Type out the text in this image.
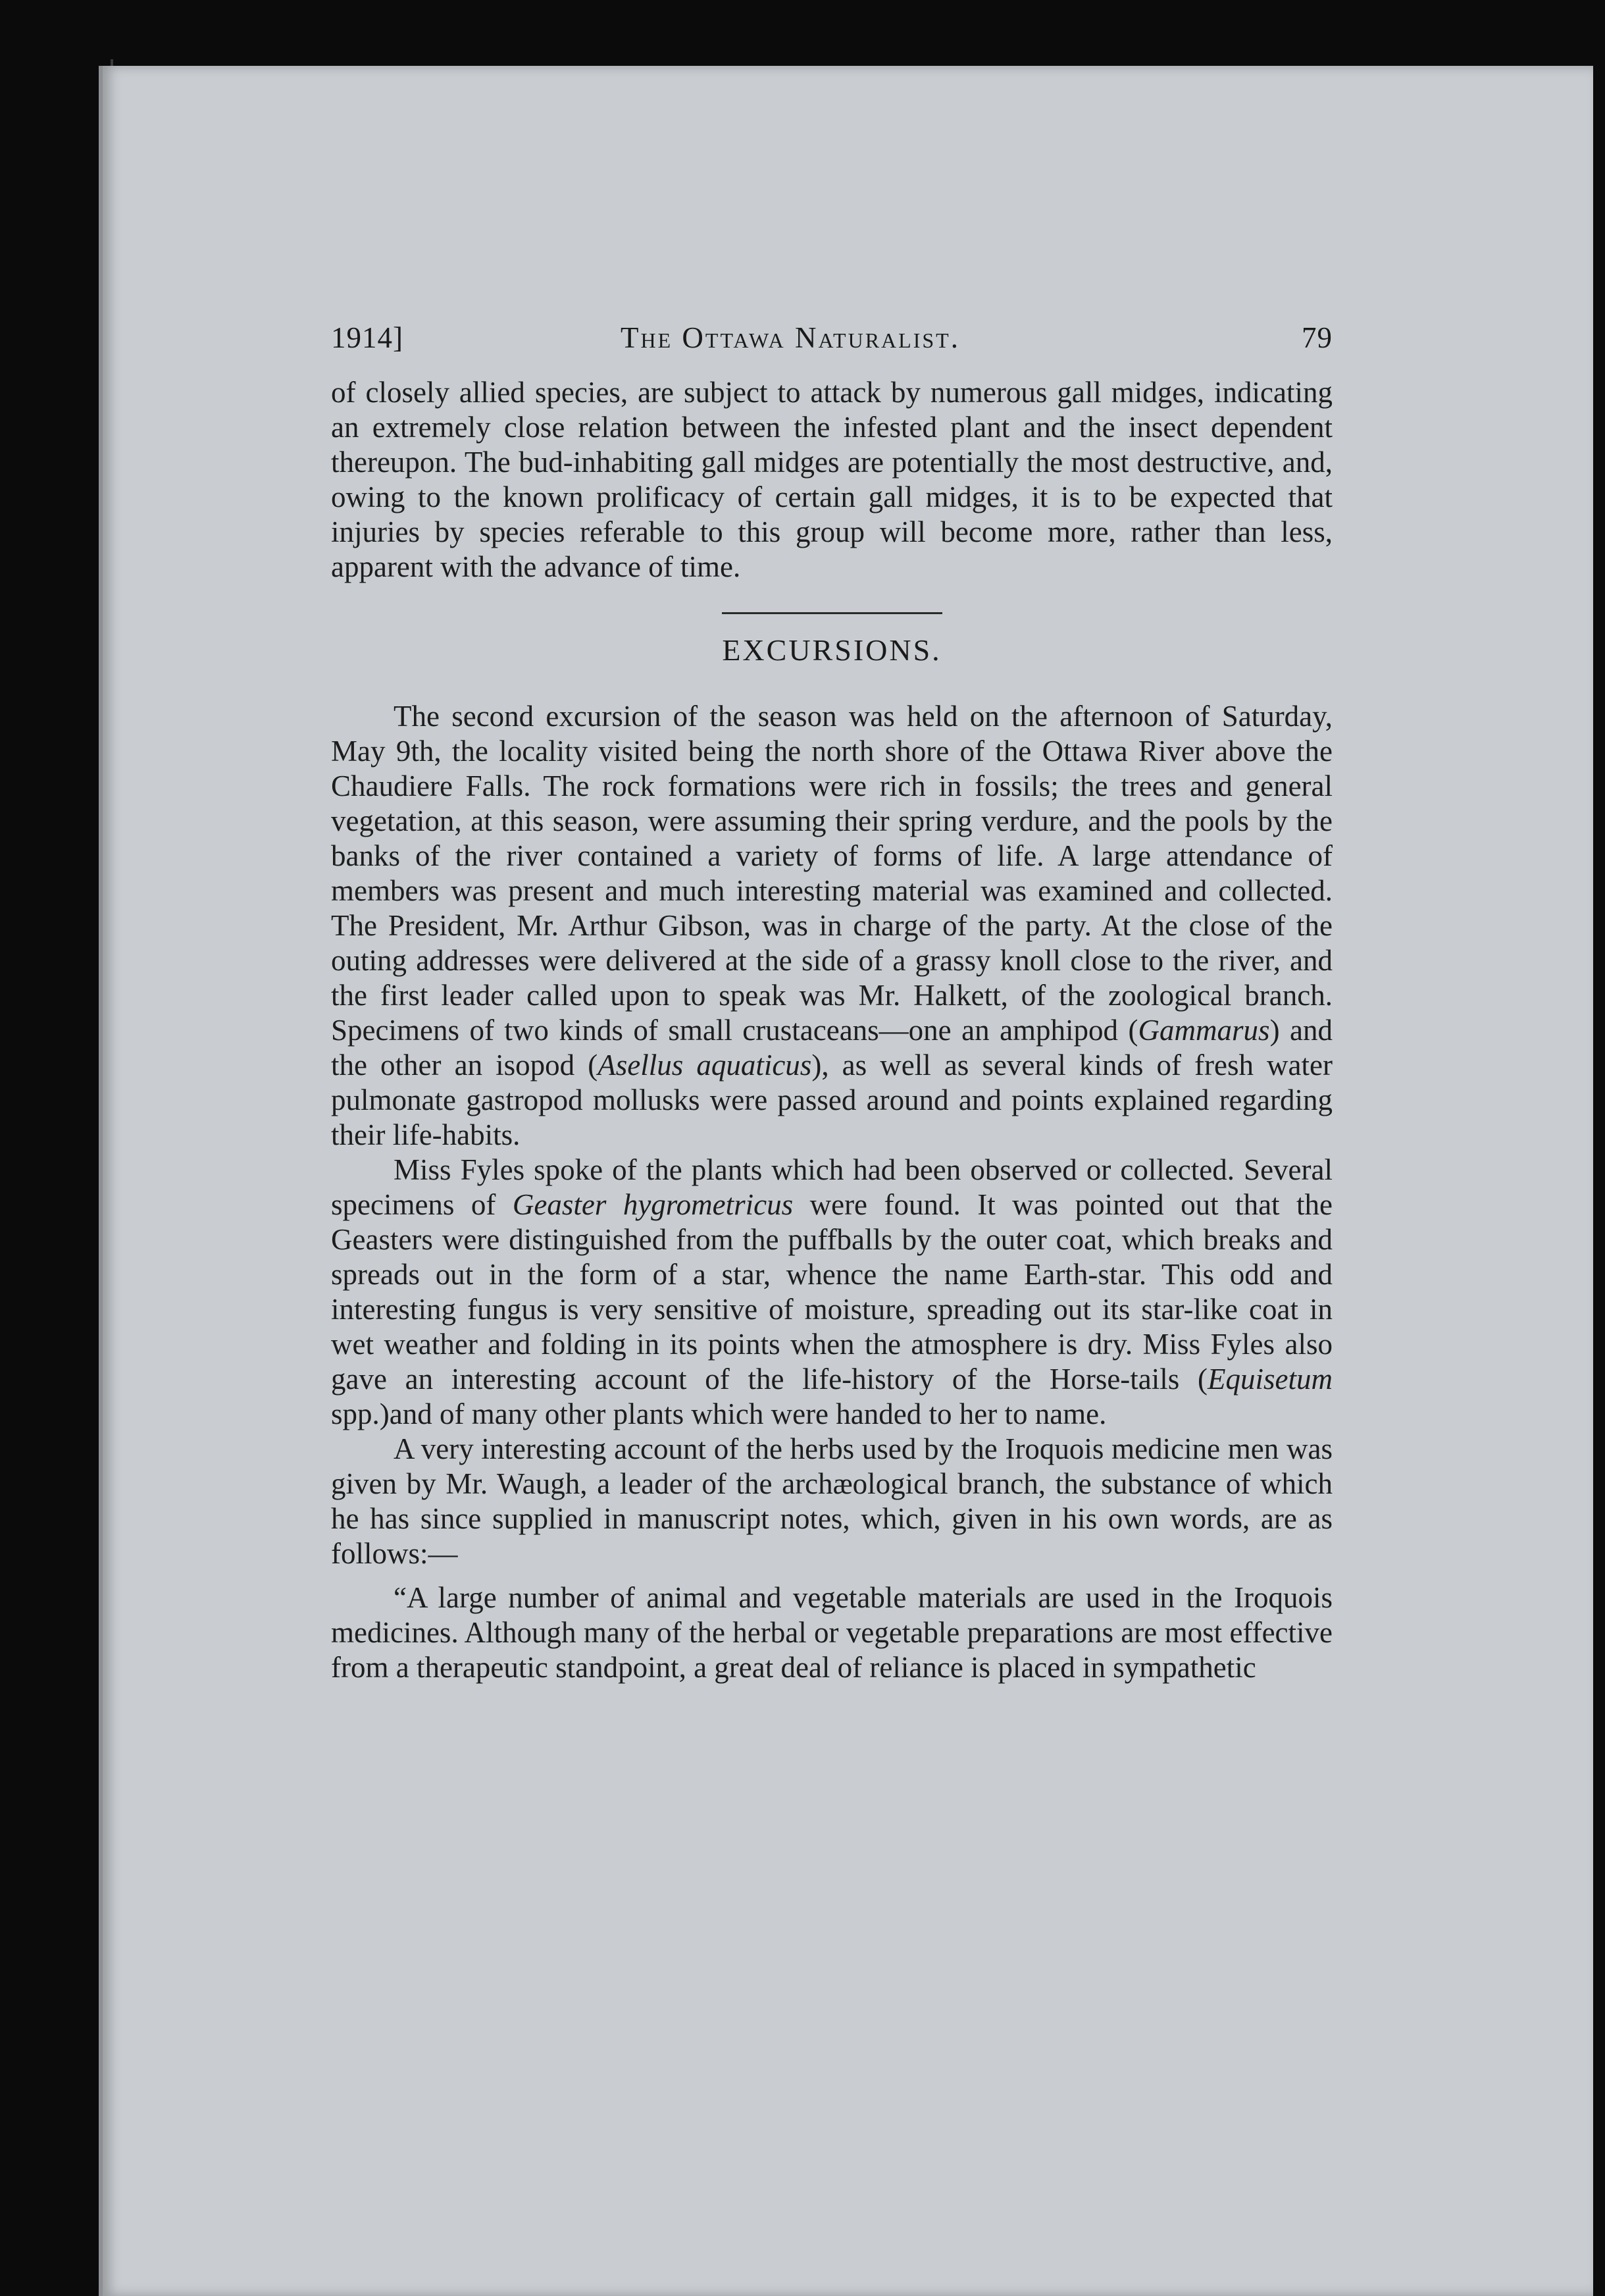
1914]	The Ottawa Naturalist.	79

of closely allied species, are subject to attack by numerous gall midges, indicating an extremely close relation between the infested plant and the insect dependent thereupon. The bud-inhabiting gall midges are potentially the most destructive, and, owing to the known prolificacy of certain gall midges, it is to be expected that injuries by species referable to this group will become more, rather than less, apparent with the advance of time.

EXCURSIONS.

The second excursion of the season was held on the afternoon of Saturday, May 9th, the locality visited being the north shore of the Ottawa River above the Chaudiere Falls. The rock formations were rich in fossils; the trees and general vegetation, at this season, were assuming their spring verdure, and the pools by the banks of the river contained a variety of forms of life. A large attendance of members was present and much interesting material was examined and collected. The President, Mr. Arthur Gibson, was in charge of the party. At the close of the outing addresses were delivered at the side of a grassy knoll close to the river, and the first leader called upon to speak was Mr. Halkett, of the zoological branch. Specimens of two kinds of small crustaceans—one an amphipod (Gammarus) and the other an isopod (Asellus aquaticus), as well as several kinds of fresh water pulmonate gastropod mollusks were passed around and points explained regarding their life-habits.

Miss Fyles spoke of the plants which had been observed or collected. Several specimens of Geaster hygrometricus were found. It was pointed out that the Geasters were distinguished from the puffballs by the outer coat, which breaks and spreads out in the form of a star, whence the name Earth-star. This odd and interesting fungus is very sensitive of moisture, spreading out its star-like coat in wet weather and folding in its points when the atmosphere is dry. Miss Fyles also gave an interesting account of the life-history of the Horse-tails (Equisetum spp.)and of many other plants which were handed to her to name.

A very interesting account of the herbs used by the Iroquois medicine men was given by Mr. Waugh, a leader of the archæological branch, the substance of which he has since supplied in manuscript notes, which, given in his own words, are as follows:—

“A large number of animal and vegetable materials are used in the Iroquois medicines. Although many of the herbal or vegetable preparations are most effective from a therapeutic standpoint, a great deal of reliance is placed in sympathetic
